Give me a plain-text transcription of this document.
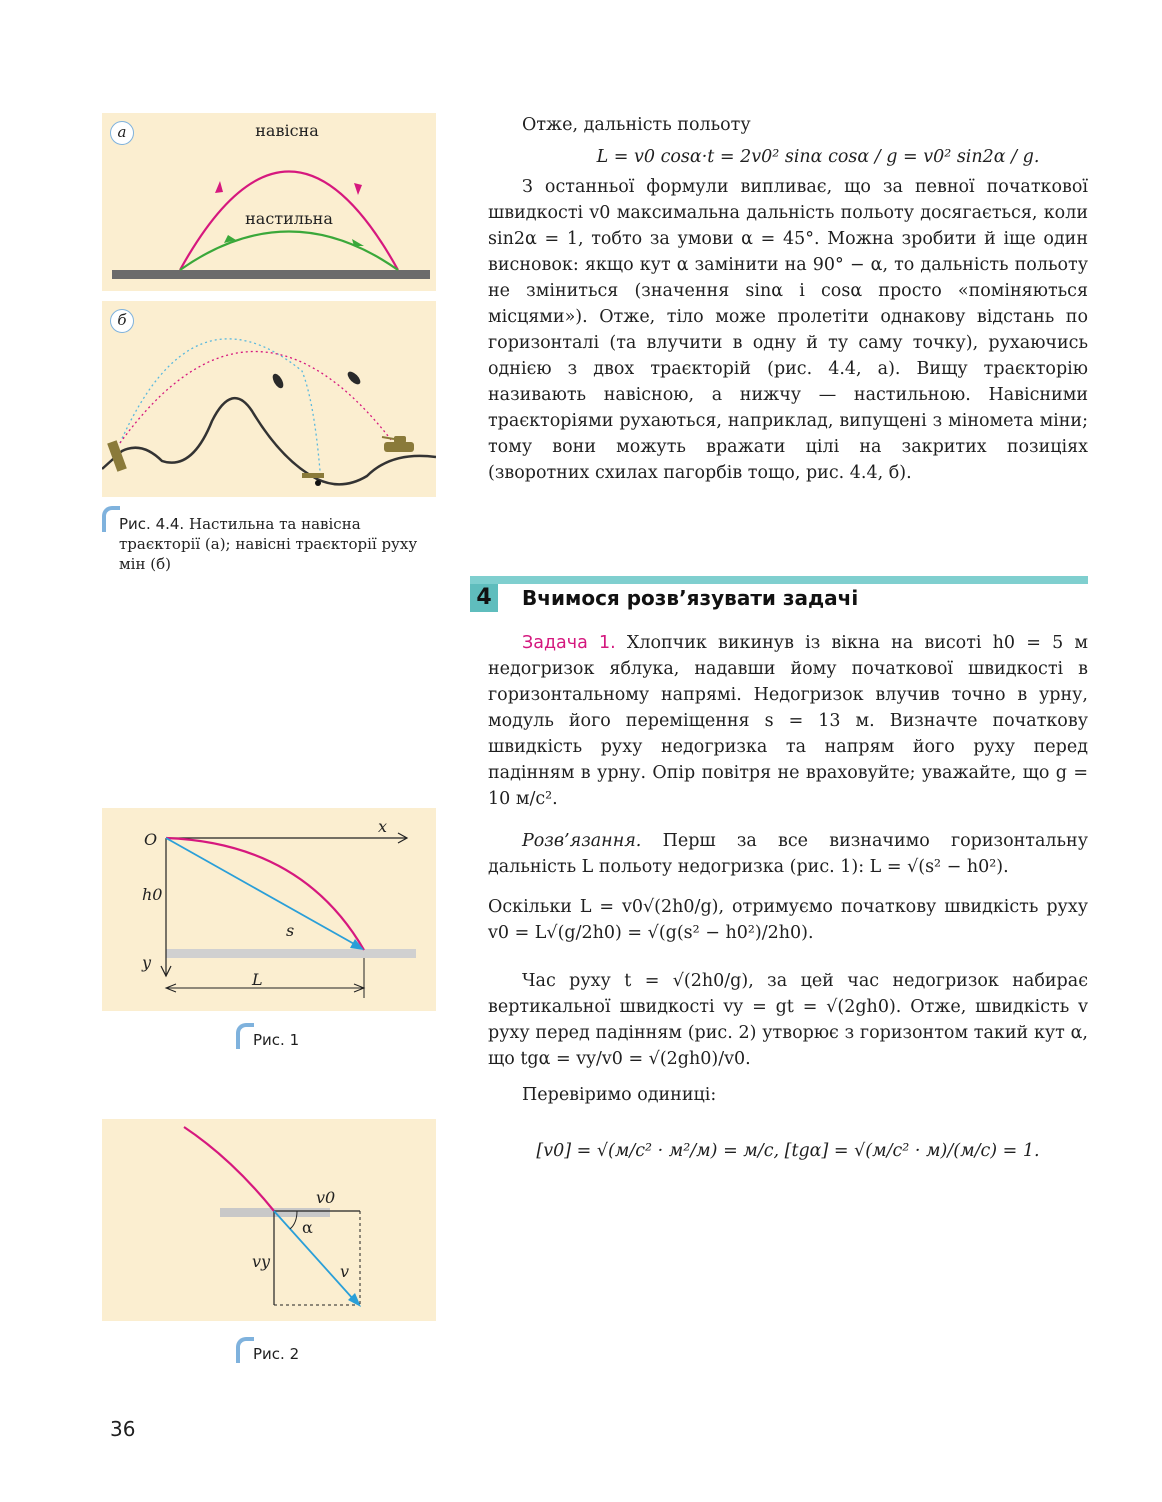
навісна
настильна
а
б
Рис. 4.4. Настильна та навісна траєкторії (а); навісні траєкторії руху мін (б)
O
x
h0
s
y
L
Рис. 1
v0
α
vy
v
Рис. 2

Отже, дальність польоту

L = v0 cosα·t = 2v0² sinα cosα / g = v0² sin2α / g.

З останньої формули випливає, що за певної початкової швидкості v0 максимальна дальність польоту досягається, коли sin2α = 1, тобто за умови α = 45°. Можна зробити й іще один висновок: якщо кут α замінити на 90° − α, то дальність польоту не зміниться (значення sinα і cosα просто «поміняються місцями»). Отже, тіло може пролетіти однакову відстань по горизонталі (та влучити в одну й ту саму точку), рухаючись однією з двох траєкторій (рис. 4.4, а). Вищу траєкторію називають навісною, а нижчу — настильною. Навісними траєкторіями рухаються, наприклад, випущені з міномета міни; тому вони можуть вражати цілі на закритих позиціях (зворотних схилах пагорбів тощо, рис. 4.4, б).

4	Вчимося розв’язувати задачі

Задача 1. Хлопчик викинув із вікна на висоті h0 = 5 м недогризок яблука, надавши йому початкової швидкості в горизонтальному напрямі. Недогризок влучив точно в урну, модуль його переміщення s = 13 м. Визначте початкову швидкість руху недогризка та напрям його руху перед падінням в урну. Опір повітря не враховуйте; уважайте, що g = 10 м/с².

Розв’язання. Перш за все визначимо горизонтальну дальність L польоту недогризка (рис. 1): L = √(s² − h0²).

Оскільки L = v0√(2h0/g), отримуємо початкову швидкість руху v0 = L√(g/2h0) = √(g(s² − h0²)/2h0).

Час руху t = √(2h0/g), за цей час недогризок набирає вертикальної швидкості vy = gt = √(2gh0). Отже, швидкість v руху перед падінням (рис. 2) утворює з горизонтом такий кут α, що tgα = vy/v0 = √(2gh0)/v0.

Перевіримо одиниці:

[v0] = √(м/с² · м²/м) = м/с, [tgα] = √(м/с² · м)/(м/с) = 1.

36
